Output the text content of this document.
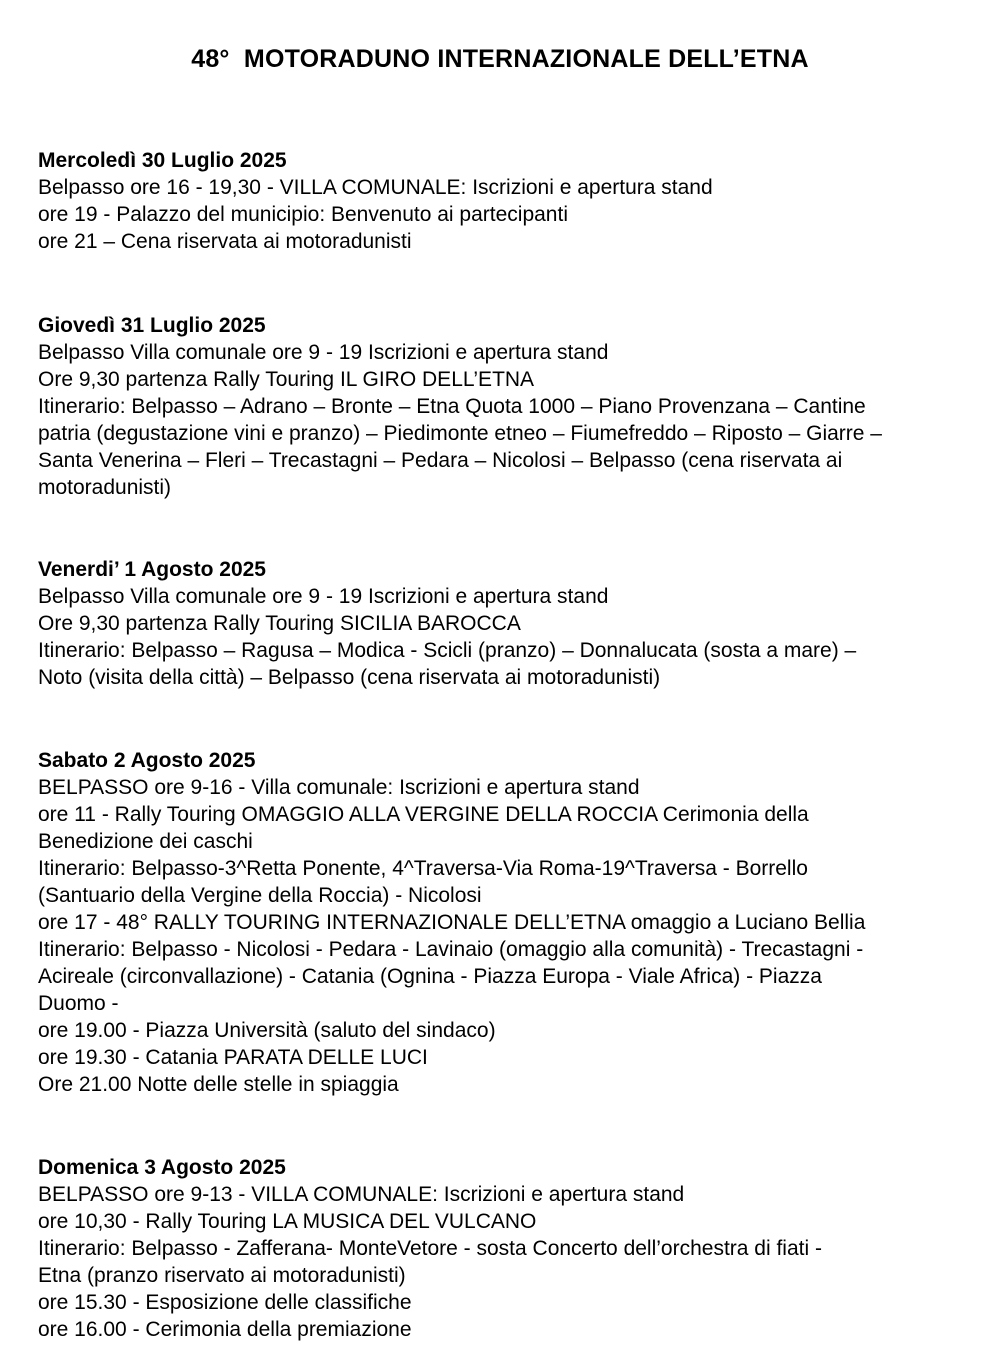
48°  MOTORADUNO INTERNAZIONALE DELL’ETNA

Mercoledì 30 Luglio 2025

Belpasso ore 16 - 19,30 - VILLA COMUNALE: Iscrizioni e apertura stand

ore 19 - Palazzo del municipio: Benvenuto ai partecipanti

ore 21 – Cena riservata ai motoradunisti

Giovedì 31 Luglio 2025

Belpasso Villa comunale ore 9 - 19 Iscrizioni e apertura stand

Ore 9,30 partenza Rally Touring IL GIRO DELL’ETNA

Itinerario: Belpasso – Adrano – Bronte – Etna Quota 1000 – Piano Provenzana – Cantine

patria (degustazione vini e pranzo) – Piedimonte etneo – Fiumefreddo – Riposto – Giarre –

Santa Venerina – Fleri – Trecastagni – Pedara – Nicolosi – Belpasso (cena riservata ai

motoradunisti)

Venerdi’ 1 Agosto 2025

Belpasso Villa comunale ore 9 - 19 Iscrizioni e apertura stand

Ore 9,30 partenza Rally Touring SICILIA BAROCCA

Itinerario: Belpasso – Ragusa – Modica - Scicli (pranzo) – Donnalucata (sosta a mare) –

Noto (visita della città) – Belpasso (cena riservata ai motoradunisti)

Sabato 2 Agosto 2025

BELPASSO ore 9-16 - Villa comunale: Iscrizioni e apertura stand

ore 11 - Rally Touring OMAGGIO ALLA VERGINE DELLA ROCCIA Cerimonia della

Benedizione dei caschi

Itinerario: Belpasso-3^Retta Ponente, 4^Traversa-Via Roma-19^Traversa - Borrello

(Santuario della Vergine della Roccia) - Nicolosi

ore 17 - 48° RALLY TOURING INTERNAZIONALE DELL’ETNA omaggio a Luciano Bellia

Itinerario: Belpasso - Nicolosi - Pedara - Lavinaio (omaggio alla comunità) - Trecastagni -

Acireale (circonvallazione) - Catania (Ognina - Piazza Europa - Viale Africa) - Piazza

Duomo -

ore 19.00 - Piazza Università (saluto del sindaco)

ore 19.30 - Catania PARATA DELLE LUCI

Ore 21.00 Notte delle stelle in spiaggia

Domenica 3 Agosto 2025

BELPASSO ore 9-13 - VILLA COMUNALE: Iscrizioni e apertura stand

ore 10,30 - Rally Touring LA MUSICA DEL VULCANO

Itinerario: Belpasso - Zafferana- MonteVetore - sosta Concerto dell’orchestra di fiati -

Etna (pranzo riservato ai motoradunisti)

ore 15.30 - Esposizione delle classifiche

ore 16.00 - Cerimonia della premiazione
